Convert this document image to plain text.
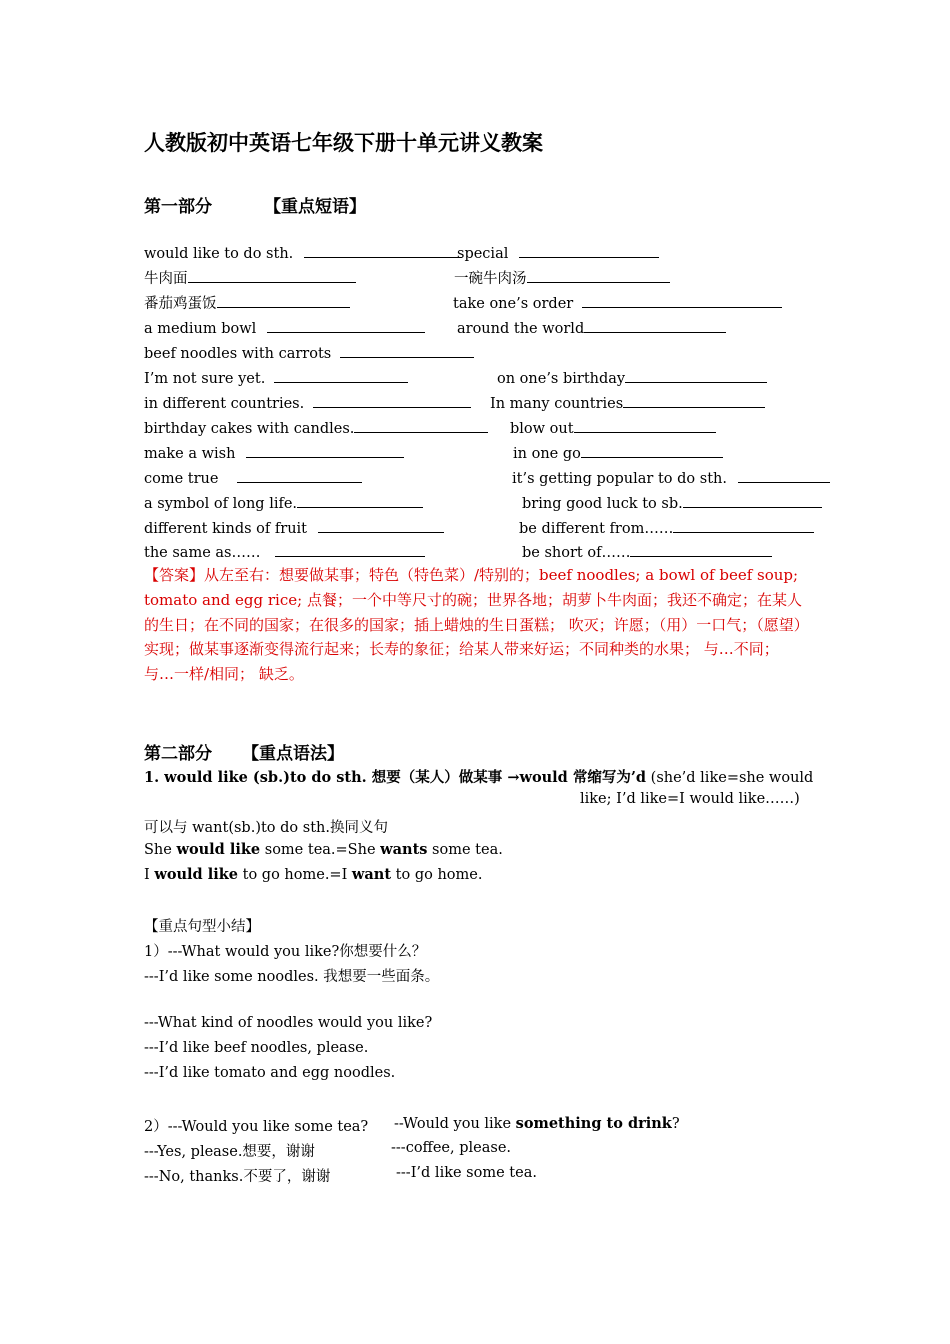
人教版初中英语七年级下册十单元讲义教案
第一部分	【重点短语】
would like to do sth.	special
牛肉面	一碗牛肉汤
番茄鸡蛋饭	take one’s order
a medium bowl	around the world
beef noodles with carrots
I’m not sure yet.	on one’s birthday
in different countries.	In many countries
birthday cakes with candles.	blow out
make a wish	in one go
come true	it’s getting popular to do sth.
a symbol of long life.	bring good luck to sb.
different kinds of fruit	be different from……
the same as……	be short of……
【答案】从左至右：想要做某事；特色（特色菜）/特别的；beef noodles; a bowl of beef soup; tomato and egg rice; 点餐；一个中等尺寸的碗；世界各地；胡萝卜牛肉面；我还不确定；在某人的生日；在不同的国家；在很多的国家；插上蜡烛的生日蛋糕； 吹灭；许愿；（用）一口气；（愿望）实现；做某事逐渐变得流行起来；长寿的象征；给某人带来好运；不同种类的水果； 与…不同； 与…一样/相同； 缺乏。
第二部分 【重点语法】
1. would like (sb.)to do sth. 想要（某人）做某事 →would 常缩写为’d (she’d like=she would
like; I’d like=I would like……)
可以与 want(sb.)to do sth.换同义句
She would like some tea.=She wants some tea.
I would like to go home.=I want to go home.
【重点句型小结】
1）---What would you like?你想要什么？
---I’d like some noodles. 我想要一些面条。
---What kind of noodles would you like?
---I’d like beef noodles, please.
---I’d like tomato and egg noodles.
2）---Would you like some tea?
---Yes, please.想要，谢谢
---No, thanks.不要了，谢谢
--Would you like something to drink?
---coffee, please.
---I’d like some tea.
